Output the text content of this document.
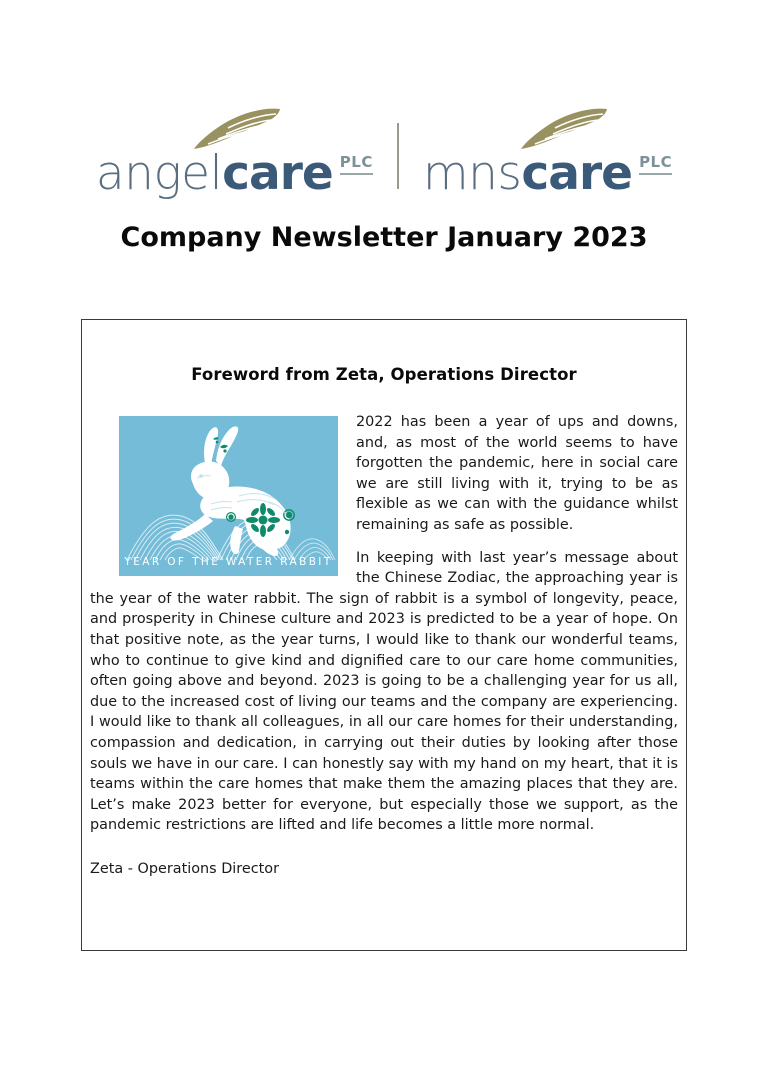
angelcare PLC mnscare PLC
Company Newsletter January 2023
Foreword from Zeta, Operations Director
YEAR OF THE WATER RABBIT

2022 has been a year of ups and downs, and, as most of the world seems to have forgotten the pandemic, here in social care we are still living with it, trying to be as flexible as we can with the guidance whilst remaining as safe as possible.

In keeping with last year’s message about the Chinese Zodiac, the approaching year is the year of the water rabbit. The sign of rabbit is a symbol of longevity, peace, and prosperity in Chinese culture and 2023 is predicted to be a year of hope. On that positive note, as the year turns, I would like to thank our wonderful teams, who to continue to give kind and dignified care to our care home communities, often going above and beyond. 2023 is going to be a challenging year for us all, due to the increased cost of living our teams and the company are experiencing. I would like to thank all colleagues, in all our care homes for their understanding, compassion and dedication, in carrying out their duties by looking after those souls we have in our care. I can honestly say with my hand on my heart, that it is teams within the care homes that make them the amazing places that they are. Let’s make 2023 better for everyone, but especially those we support, as the pandemic restrictions are lifted and life becomes a little more normal.

Zeta - Operations Director
